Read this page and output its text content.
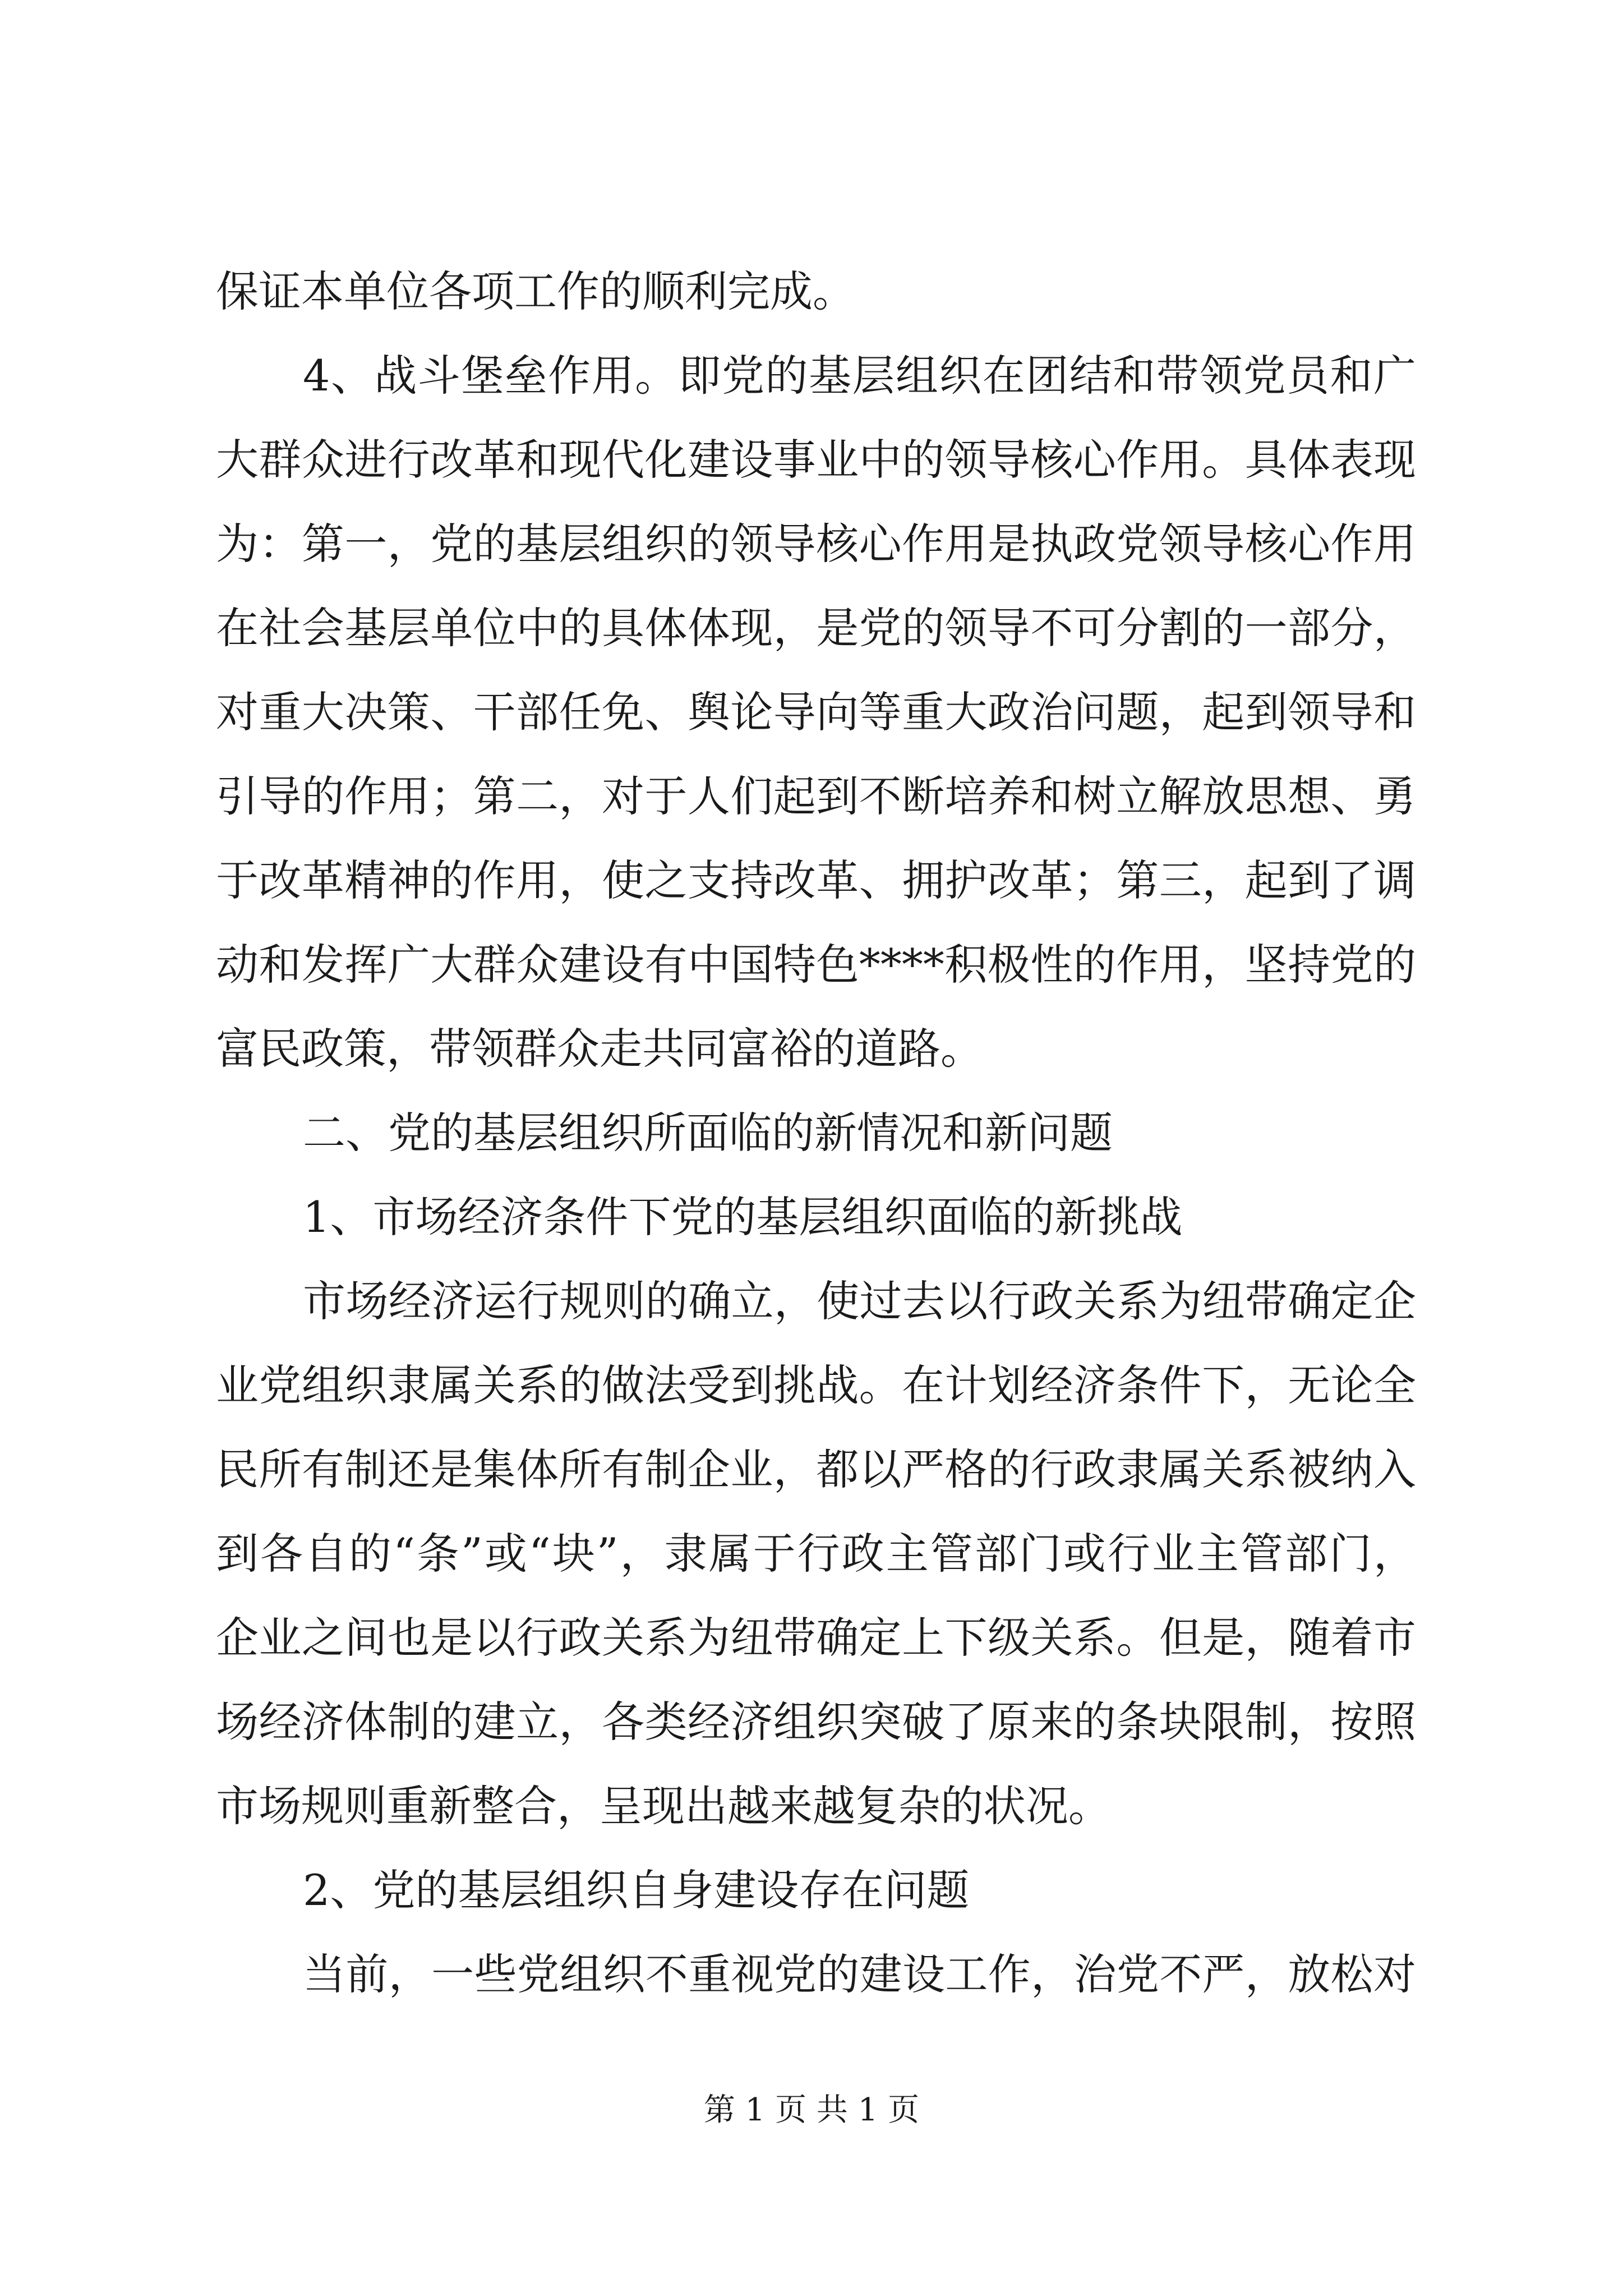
保证本单位各项工作的顺利完成。
4、战斗堡垒作用。即党的基层组织在团结和带领党员和广
大群众进行改革和现代化建设事业中的领导核心作用。具体表现
为：第一，党的基层组织的领导核心作用是执政党领导核心作用
在社会基层单位中的具体体现，是党的领导不可分割的一部分，
对重大决策、干部任免、舆论导向等重大政治问题，起到领导和
引导的作用；第二，对于人们起到不断培养和树立解放思想、勇
于改革精神的作用，使之支持改革、拥护改革；第三，起到了调
动和发挥广大群众建设有中国特色****积极性的作用，坚持党的
富民政策，带领群众走共同富裕的道路。
二、党的基层组织所面临的新情况和新问题
1、市场经济条件下党的基层组织面临的新挑战
市场经济运行规则的确立，使过去以行政关系为纽带确定企
业党组织隶属关系的做法受到挑战。在计划经济条件下，无论全
民所有制还是集体所有制企业，都以严格的行政隶属关系被纳入
到各自的“条”或“块”，隶属于行政主管部门或行业主管部门，
企业之间也是以行政关系为纽带确定上下级关系。但是，随着市
场经济体制的建立，各类经济组织突破了原来的条块限制，按照
市场规则重新整合，呈现出越来越复杂的状况。
2、党的基层组织自身建设存在问题
当前，一些党组织不重视党的建设工作，治党不严，放松对
第 1 页 共 1 页
